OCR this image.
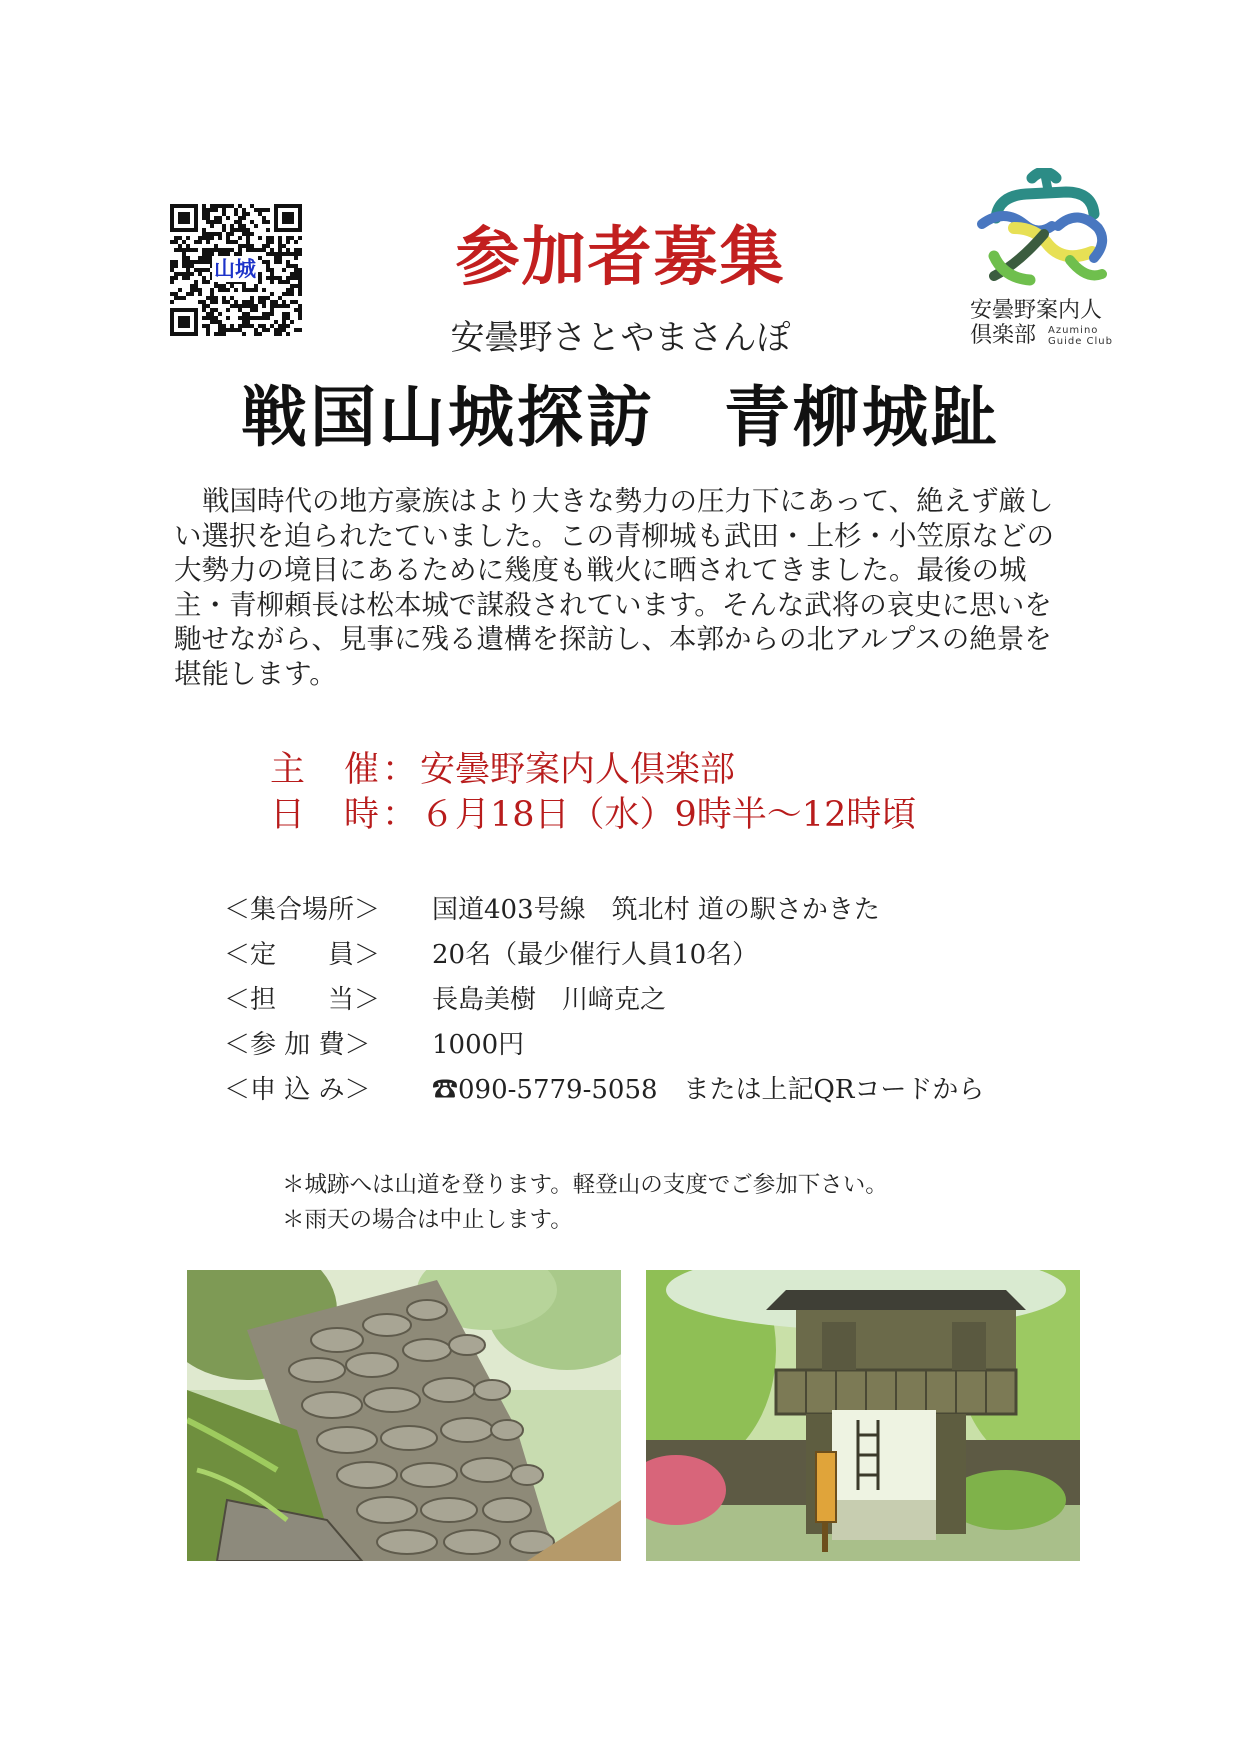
山城
安曇野案内人
倶楽部 Azumino
Guide Club
参加者募集
安曇野さとやまさんぽ
戦国山城探訪　青柳城趾

戦国時代の地方豪族はより大きな勢力の圧力下にあって、絶えず厳しい選択を迫られたていました。この青柳城も武田・上杉・小笠原などの大勢力の境目にあるために幾度も戦火に晒されてきました。最後の城主・青柳頼長は松本城で謀殺されています。そんな武将の哀史に思いを馳せながら、見事に残る遺構を探訪し、本郭からの北アルプスの絶景を堪能します。

主　催 ： 安曇野案内人倶楽部
日　時 ： ６月18日（水）9時半～12時頃
＜集合場所＞	国道403号線　筑北村 道の駅さかきた
＜定　　員＞	20名（最少催行人員10名）
＜担　　当＞	長島美樹　川﨑克之
＜参 加 費＞	1000円
＜申 込 み＞	☎090-5779-5058　または上記QRコードから
＊城跡へは山道を登ります。軽登山の支度でご参加下さい。
＊雨天の場合は中止します。
